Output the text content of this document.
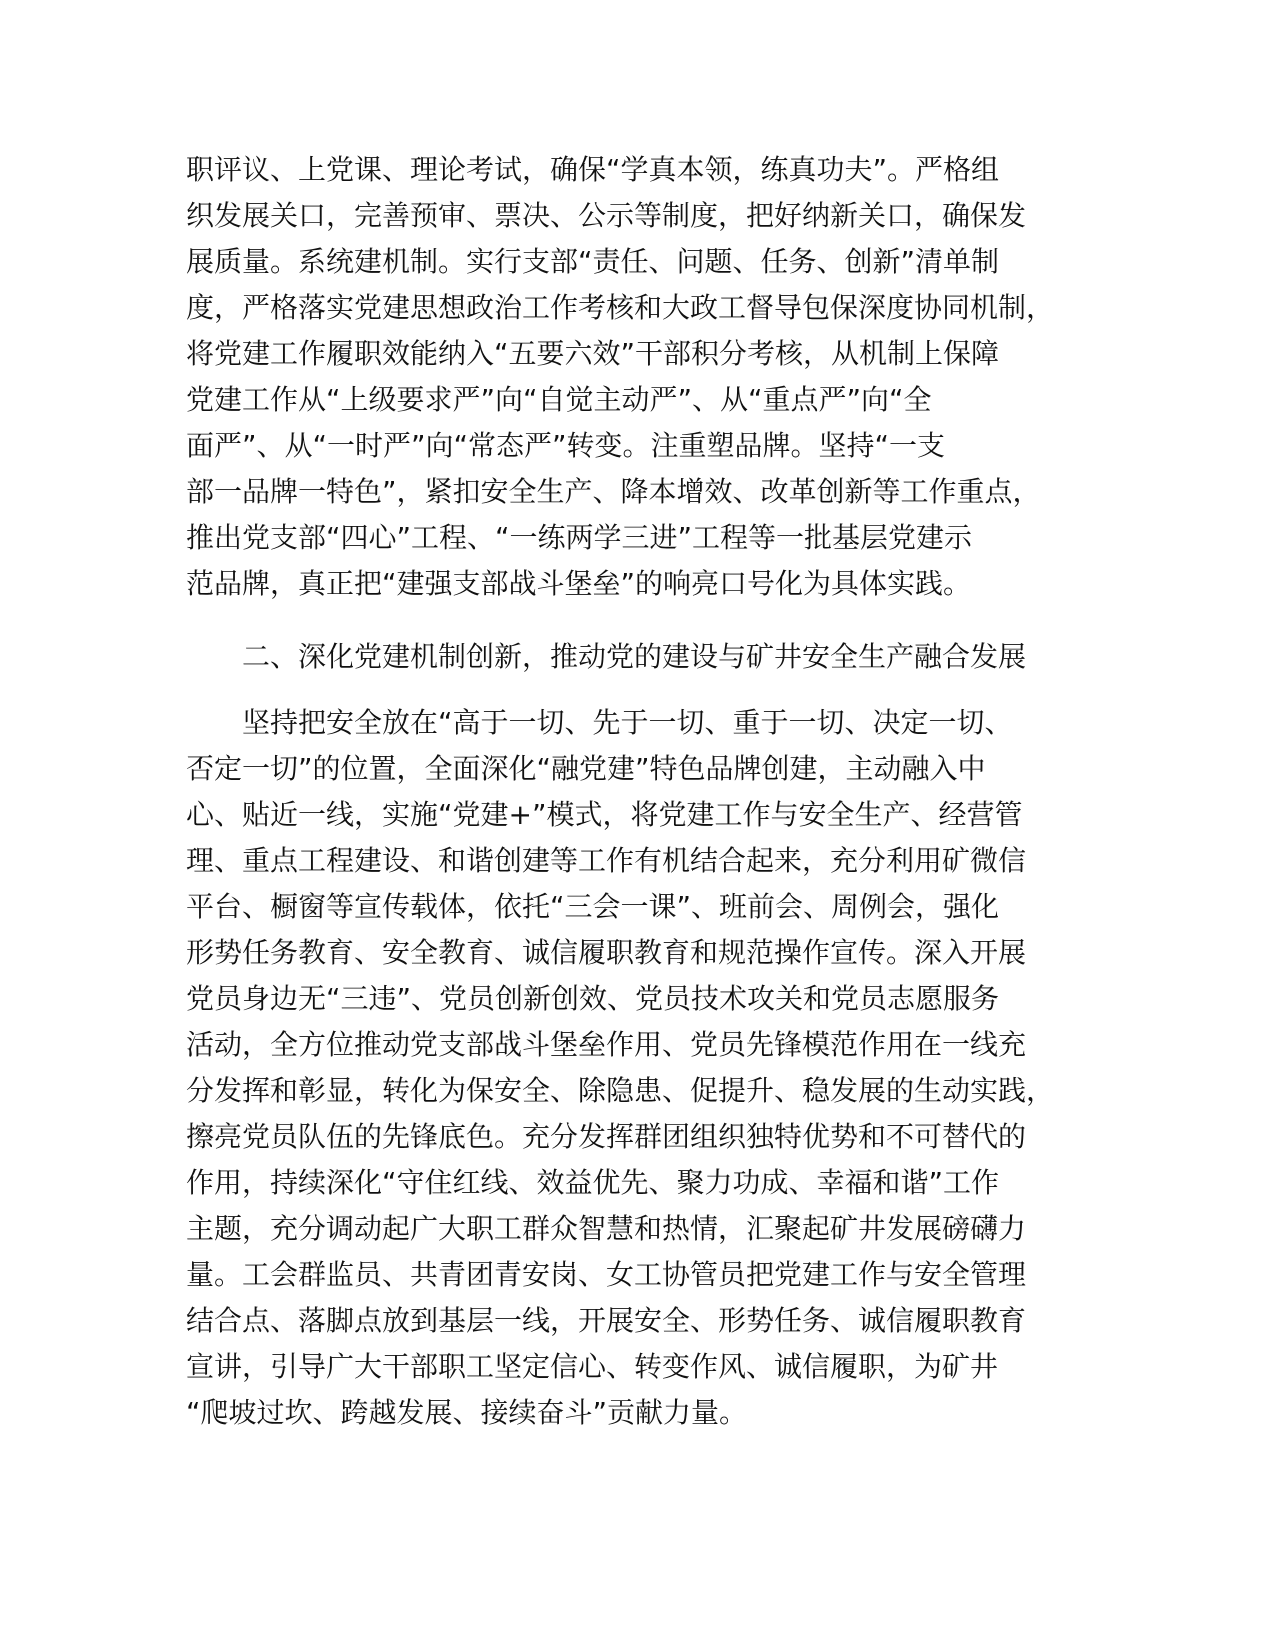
职评议、上党课、理论考试，确保“学真本领，练真功夫”。严格组
织发展关口，完善预审、票决、公示等制度，把好纳新关口，确保发
展质量。系统建机制。实行支部“责任、问题、任务、创新”清单制
度，严格落实党建思想政治工作考核和大政工督导包保深度协同机制，
将党建工作履职效能纳入“五要六效”干部积分考核，从机制上保障
党建工作从“上级要求严”向“自觉主动严”、从“重点严”向“全
面严”、从“一时严”向“常态严”转变。注重塑品牌。坚持“一支
部一品牌一特色”，紧扣安全生产、降本增效、改革创新等工作重点，
推出党支部“四心”工程、“一练两学三进”工程等一批基层党建示
范品牌，真正把“建强支部战斗堡垒”的响亮口号化为具体实践。
二、深化党建机制创新，推动党的建设与矿井安全生产融合发展
坚持把安全放在“高于一切、先于一切、重于一切、决定一切、
否定一切”的位置，全面深化“融党建”特色品牌创建，主动融入中
心、贴近一线，实施“党建+”模式，将党建工作与安全生产、经营管
理、重点工程建设、和谐创建等工作有机结合起来，充分利用矿微信
平台、橱窗等宣传载体，依托“三会一课”、班前会、周例会，强化
形势任务教育、安全教育、诚信履职教育和规范操作宣传。深入开展
党员身边无“三违”、党员创新创效、党员技术攻关和党员志愿服务
活动，全方位推动党支部战斗堡垒作用、党员先锋模范作用在一线充
分发挥和彰显，转化为保安全、除隐患、促提升、稳发展的生动实践，
擦亮党员队伍的先锋底色。充分发挥群团组织独特优势和不可替代的
作用，持续深化“守住红线、效益优先、聚力功成、幸福和谐”工作
主题，充分调动起广大职工群众智慧和热情，汇聚起矿井发展磅礴力
量。工会群监员、共青团青安岗、女工协管员把党建工作与安全管理
结合点、落脚点放到基层一线，开展安全、形势任务、诚信履职教育
宣讲，引导广大干部职工坚定信心、转变作风、诚信履职，为矿井
“爬坡过坎、跨越发展、接续奋斗”贡献力量。
